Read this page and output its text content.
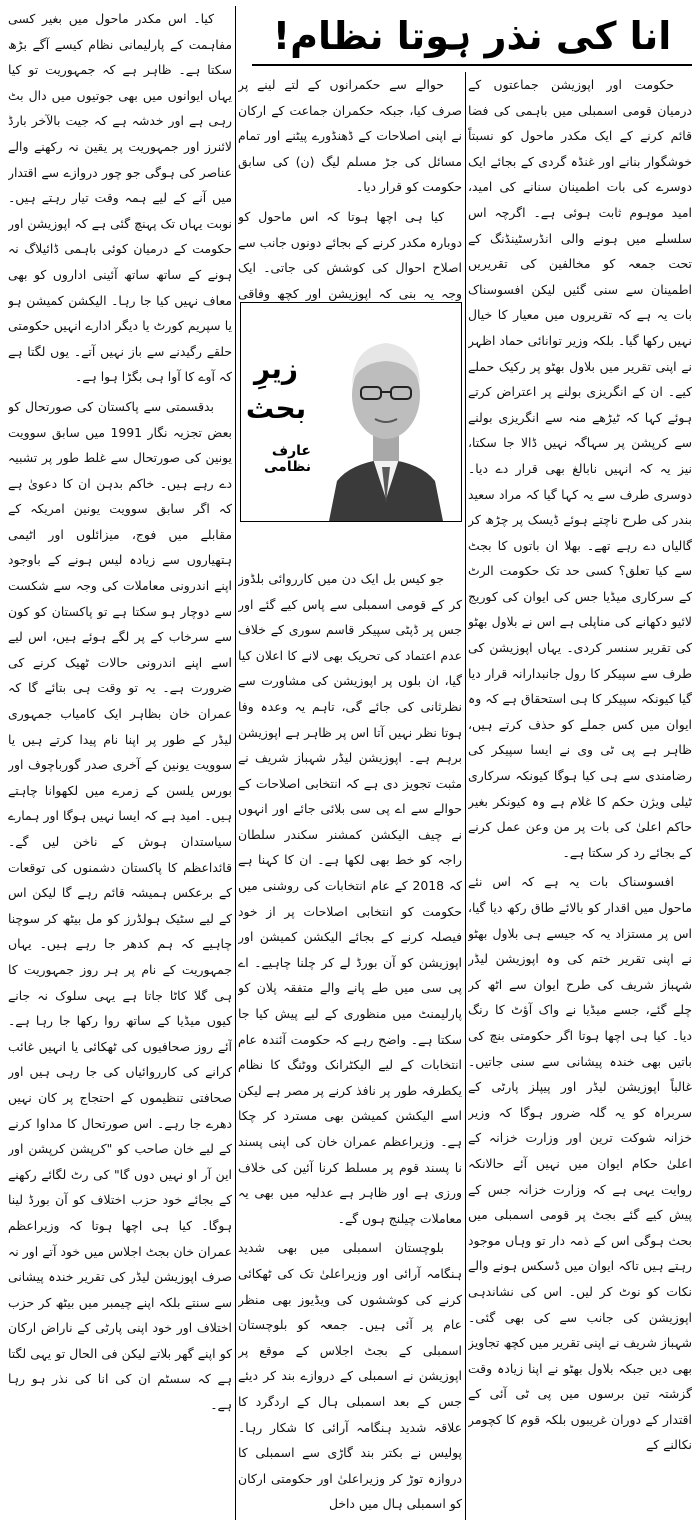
انا کی نذر ہوتا نظام!

حکومت اور اپوزیشن جماعتوں کے درمیان قومی اسمبلی میں باہمی کی فضا قائم کرنے کے ایک مکدر ماحول کو نسبتاً خوشگوار بنانے اور غنڈہ گردی کے بجائے ایک دوسرے کی بات اطمینان سنانے کی امید، امید موہوم ثابت ہوئی ہے۔ اگرچہ اس سلسلے میں ہونے والی انڈرسٹینڈنگ کے تحت جمعہ کو مخالفین کی تقریریں اطمینان سے سنی گئیں لیکن افسوسناک بات یہ ہے کہ تقریروں میں معیار کا خیال نہیں رکھا گیا۔ بلکہ وزیر توانائی حماد اظہر نے اپنی تقریر میں بلاول بھٹو پر رکیک حملے کیے۔ ان کے انگریزی بولنے پر اعتراض کرتے ہوئے کہا کہ ٹیڑھے منہ سے انگریزی بولنے سے کرپشن پر سہاگہ نہیں ڈالا جا سکتا، نیز یہ کہ انہیں نابالغ بھی قرار دے دیا۔ دوسری طرف سے یہ کہا گیا کہ مراد سعید بندر کی طرح ناچتے ہوئے ڈیسک پر چڑھ کر گالیاں دے رہے تھے۔ بھلا ان باتوں کا بجٹ سے کیا تعلق؟ کسی حد تک حکومت الرٹ کے سرکاری میڈیا جس کی ایوان کی کوریج لائیو دکھانے کی مناپلی ہے اس نے بلاول بھٹو کی تقریر سنسر کردی۔ یہاں اپوزیشن کی طرف سے سپیکر کا رول جانبدارانہ قرار دیا گیا کیونکہ سپیکر کا ہی استحقاق ہے کہ وہ ایوان میں کس جملے کو حذف کرتے ہیں، ظاہر ہے پی ٹی وی نے ایسا سپیکر کی رضامندی سے ہی کیا ہوگا کیونکہ سرکاری ٹیلی ویژن حکم کا غلام ہے وہ کیونکر بغیر حاکم اعلیٰ کی بات پر من وعن عمل کرنے کے بجائے رد کر سکتا ہے۔

افسوسناک بات یہ ہے کہ اس نئے ماحول میں اقدار کو بالائے طاق رکھ دیا گیا، اس پر مستزاد یہ کہ جیسے ہی بلاول بھٹو نے اپنی تقریر ختم کی وہ اپوزیشن لیڈر شہباز شریف کی طرح ایوان سے اٹھ کر چلے گئے، جسے میڈیا نے واک آؤٹ کا رنگ دیا۔ کیا ہی اچھا ہوتا اگر حکومتی بنچ کی باتیں بھی خندہ پیشانی سے سنی جاتیں۔ غالباً اپوزیشن لیڈر اور پیپلز پارٹی کے سربراہ کو یہ گلہ ضرور ہوگا کہ وزیر خزانہ شوکت ترین اور وزارت خزانہ کے اعلیٰ حکام ایوان میں نہیں آئے حالانکہ روایت یہی ہے کہ وزارت خزانہ جس کے پیش کیے گئے بجٹ پر قومی اسمبلی میں بحث ہوگی اس کے ذمہ دار تو وہاں موجود رہتے ہیں تاکہ ایوان میں ڈسکس ہونے والے نکات کو نوٹ کر لیں۔ اس کی نشاندہی اپوزیشن کی جانب سے کی بھی گئی۔ شہباز شریف نے اپنی تقریر میں کچھ تجاویز بھی دیں جبکہ بلاول بھٹو نے اپنا زیادہ وقت گزشتہ تین برسوں میں پی ٹی آئی کے اقتدار کے دوران غریبوں بلکہ قوم کا کچومر نکالنے کے

حوالے سے حکمرانوں کے لتے لینے پر صرف کیا، جبکہ حکمران جماعت کے ارکان نے اپنی اصلاحات کے ڈھنڈورے پیٹنے اور تمام مسائل کی جڑ مسلم لیگ (ن) کی سابق حکومت کو قرار دیا۔

کیا ہی اچھا ہوتا کہ اس ماحول کو دوبارہ مکدر کرنے کے بجائے دونوں جانب سے اصلاح احوال کی کوشش کی جاتی۔ ایک وجہ یہ بنی کہ اپوزیشن اور کچھ وفاقی

جو کیس بل ایک دن میں کارروائی بلڈوز کر کے قومی اسمبلی سے پاس کیے گئے اور جس پر ڈپٹی سپیکر قاسم سوری کے خلاف عدم اعتماد کی تحریک بھی لانے کا اعلان کیا گیا، ان بلوں پر اپوزیشن کی مشاورت سے نظرثانی کی جائے گی، تاہم یہ وعدہ وفا ہوتا نظر نہیں آتا اس پر ظاہر ہے اپوزیشن برہم ہے۔ اپوزیشن لیڈر شہباز شریف نے مثبت تجویز دی ہے کہ انتخابی اصلاحات کے حوالے سے اے پی سی بلائی جائے اور انہوں نے چیف الیکشن کمشنر سکندر سلطان راجہ کو خط بھی لکھا ہے۔ ان کا کہنا ہے کہ 2018 کے عام انتخابات کی روشنی میں حکومت کو انتخابی اصلاحات پر از خود فیصلہ کرنے کے بجائے الیکشن کمیشن اور اپوزیشن کو آن بورڈ لے کر چلنا چاہیے۔ اے پی سی میں طے پانے والے متفقہ پلان کو پارلیمنٹ میں منظوری کے لیے پیش کیا جا سکتا ہے۔ واضح رہے کہ حکومت آئندہ عام انتخابات کے لیے الیکٹرانک ووٹنگ کا نظام یکطرفہ طور پر نافذ کرنے پر مصر ہے لیکن اسے الیکشن کمیشن بھی مسترد کر چکا ہے۔ وزیراعظم عمران خان کی اپنی پسند نا پسند قوم پر مسلط کرنا آئین کی خلاف ورزی ہے اور ظاہر ہے عدلیہ میں بھی یہ معاملات چیلنج ہوں گے۔

بلوچستان اسمبلی میں بھی شدید ہنگامہ آرائی اور وزیراعلیٰ تک کی ٹھکائی کرنے کی کوششوں کی ویڈیوز بھی منظر عام پر آئی ہیں۔ جمعہ کو بلوچستان اسمبلی کے بجٹ اجلاس کے موقع پر اپوزیشن نے اسمبلی کے دروازے بند کر دیئے جس کے بعد اسمبلی ہال کے اردگرد کا علاقہ شدید ہنگامہ آرائی کا شکار رہا۔ پولیس نے بکتر بند گاڑی سے اسمبلی کا دروازہ توڑ کر وزیراعلیٰ اور حکومتی ارکان کو اسمبلی ہال میں داخل

زیرِ
بحث
عارف نظامی

کیا۔ اس مکدر ماحول میں بغیر کسی مفاہمت کے پارلیمانی نظام کیسے آگے بڑھ سکتا ہے۔ ظاہر ہے کہ جمہوریت تو کیا یہاں ایوانوں میں بھی جوتیوں میں دال بٹ رہی ہے اور خدشہ ہے کہ جیت بالآخر بارڈ لائنرز اور جمہوریت پر یقین نہ رکھنے والے عناصر کی ہوگی جو چور دروازے سے اقتدار میں آنے کے لیے ہمہ وقت تیار رہتے ہیں۔ نوبت یہاں تک پہنچ گئی ہے کہ اپوزیشن اور حکومت کے درمیان کوئی باہمی ڈائیلاگ نہ ہونے کے ساتھ ساتھ آئینی اداروں کو بھی معاف نہیں کیا جا رہا۔ الیکشن کمیشن ہو یا سپریم کورٹ یا دیگر ادارے انہیں حکومتی حلقے رگیدنے سے باز نہیں آتے۔ یوں لگتا ہے کہ آوے کا آوا ہی بگڑا ہوا ہے۔

بدقسمتی سے پاکستان کی صورتحال کو بعض تجزیہ نگار 1991 میں سابق سوویت یونین کی صورتحال سے غلط طور پر تشبیہ دے رہے ہیں۔ خاکم بدہن ان کا دعویٰ ہے کہ اگر سابق سوویت یونین امریکہ کے مقابلے میں فوج، میزائلوں اور اٹیمی ہتھیاروں سے زیادہ لیس ہونے کے باوجود اپنے اندرونی معاملات کی وجہ سے شکست سے دوچار ہو سکتا ہے تو پاکستان کو کون سے سرخاب کے پر لگے ہوئے ہیں، اس لیے اسے اپنے اندرونی حالات ٹھیک کرنے کی ضرورت ہے۔ یہ تو وقت ہی بتائے گا کہ عمران خان بظاہر ایک کامیاب جمہوری لیڈر کے طور پر اپنا نام پیدا کرتے ہیں یا سوویت یونین کے آخری صدر گورباچوف اور بورس یلسن کے زمرے میں لکھوانا چاہتے ہیں۔ امید ہے کہ ایسا نہیں ہوگا اور ہمارے سیاستدان ہوش کے ناخن لیں گے۔ قائداعظم کا پاکستان دشمنوں کی توقعات کے برعکس ہمیشہ قائم رہے گا لیکن اس کے لیے سٹیک ہولڈرز کو مل بیٹھ کر سوچنا چاہیے کہ ہم کدھر جا رہے ہیں۔ یہاں جمہوریت کے نام پر ہر روز جمہوریت کا ہی گلا کاٹا جاتا ہے یہی سلوک نہ جانے کیوں میڈیا کے ساتھ روا رکھا جا رہا ہے۔ آئے روز صحافیوں کی ٹھکائی یا انہیں غائب کرانے کی کارروائیاں کی جا رہی ہیں اور صحافتی تنظیموں کے احتجاج پر کان نہیں دھرے جا رہے۔ اس صورتحال کا مداوا کرنے کے لیے خان صاحب کو "کرپشن کرپشن اور این آر او نہیں دوں گا" کی رٹ لگائے رکھنے کے بجائے خود حزب اختلاف کو آن بورڈ لینا ہوگا۔ کیا ہی اچھا ہوتا کہ وزیراعظم عمران خان بجٹ اجلاس میں خود آتے اور نہ صرف اپوزیشن لیڈر کی تقریر خندہ پیشانی سے سنتے بلکہ اپنے چیمبر میں بیٹھ کر حزب اختلاف اور خود اپنی پارٹی کے ناراض ارکان کو اپنے گھر بلاتے لیکن فی الحال تو یہی لگتا ہے کہ سسٹم ان کی انا کی نذر ہو رہا ہے۔
